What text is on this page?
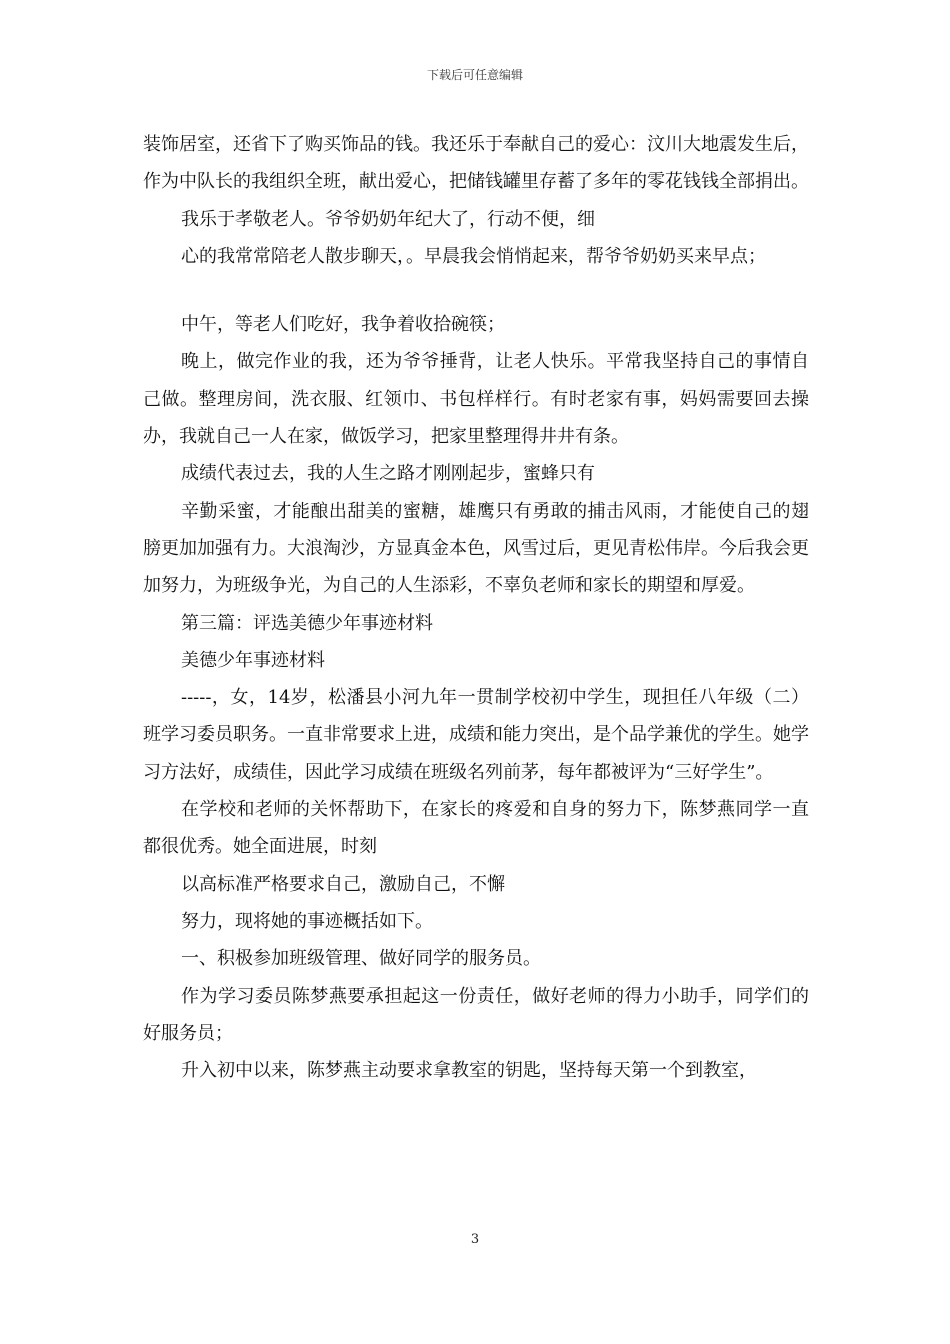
下载后可任意编辑

装饰居室，还省下了购买饰品的钱。我还乐于奉献自己的爱心：汶川大地震发生后，作为中队长的我组织全班，献出爱心，把储钱罐里存蓄了多年的零花钱钱全部捐出。

我乐于孝敬老人。爷爷奶奶年纪大了，行动不便，细

心的我常常陪老人散步聊天，。早晨我会悄悄起来，帮爷爷奶奶买来早点；

中午，等老人们吃好，我争着收拾碗筷；

晚上，做完作业的我，还为爷爷捶背，让老人快乐。平常我坚持自己的事情自己做。整理房间，洗衣服、红领巾、书包样样行。有时老家有事，妈妈需要回去操办，我就自己一人在家，做饭学习，把家里整理得井井有条。

成绩代表过去，我的人生之路才刚刚起步，蜜蜂只有

辛勤采蜜，才能酿出甜美的蜜糖，雄鹰只有勇敢的捕击风雨，才能使自己的翅膀更加加强有力。大浪淘沙，方显真金本色，风雪过后，更见青松伟岸。今后我会更加努力，为班级争光，为自己的人生添彩，不辜负老师和家长的期望和厚爱。

第三篇：评选美德少年事迹材料

美德少年事迹材料

-----，女，14岁，松潘县小河九年一贯制学校初中学生，现担任八年级（二）班学习委员职务。一直非常要求上进，成绩和能力突出，是个品学兼优的学生。她学习方法好，成绩佳，因此学习成绩在班级名列前茅，每年都被评为“三好学生”。

在学校和老师的关怀帮助下，在家长的疼爱和自身的努力下，陈梦燕同学一直都很优秀。她全面进展，时刻

以高标准严格要求自己，激励自己，不懈

努力，现将她的事迹概括如下。

一、积极参加班级管理、做好同学的服务员。

作为学习委员陈梦燕要承担起这一份责任，做好老师的得力小助手，同学们的好服务员；

升入初中以来，陈梦燕主动要求拿教室的钥匙，坚持每天第一个到教室，

3
